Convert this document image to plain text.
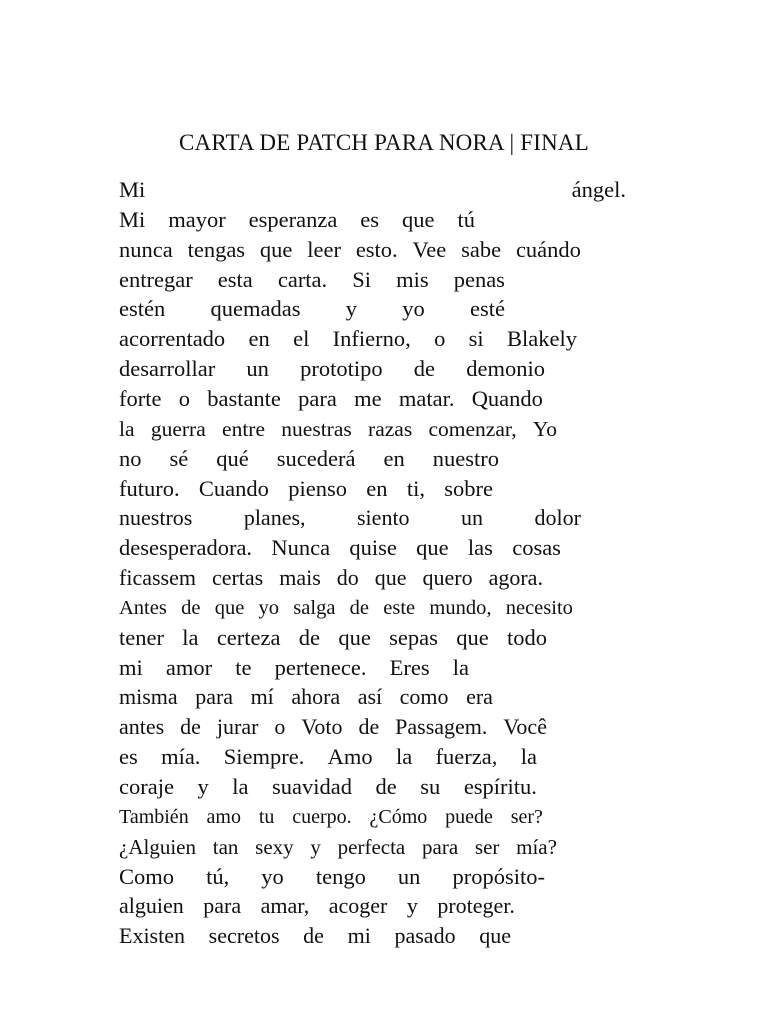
CARTA DE PATCH PARA NORA | FINAL
Mi	ángel.
Mi mayor esperanza es que tú
nunca tengas que leer esto. Vee sabe cuándo
entregar esta carta. Si mis penas
estén quemadas y yo esté
acorrentado en el Infierno, o si Blakely
desarrollar un prototipo de demonio
forte o bastante para me matar. Quando
la guerra entre nuestras razas comenzar, Yo
no sé qué sucederá en nuestro
futuro. Cuando pienso en ti, sobre
nuestros planes, siento un dolor
desesperadora. Nunca quise que las cosas
ficassem certas mais do que quero agora.
Antes de que yo salga de este mundo, necesito
tener la certeza de que sepas que todo
mi amor te pertenece. Eres la
misma para mí ahora así como era
antes de jurar o Voto de Passagem. Você
es mía. Siempre. Amo la fuerza, la
coraje y la suavidad de su espíritu.
También amo tu cuerpo. ¿Cómo puede ser?
¿Alguien tan sexy y perfecta para ser mía?
Como tú, yo tengo un propósito-
alguien para amar, acoger y proteger.
Existen secretos de mi pasado que
